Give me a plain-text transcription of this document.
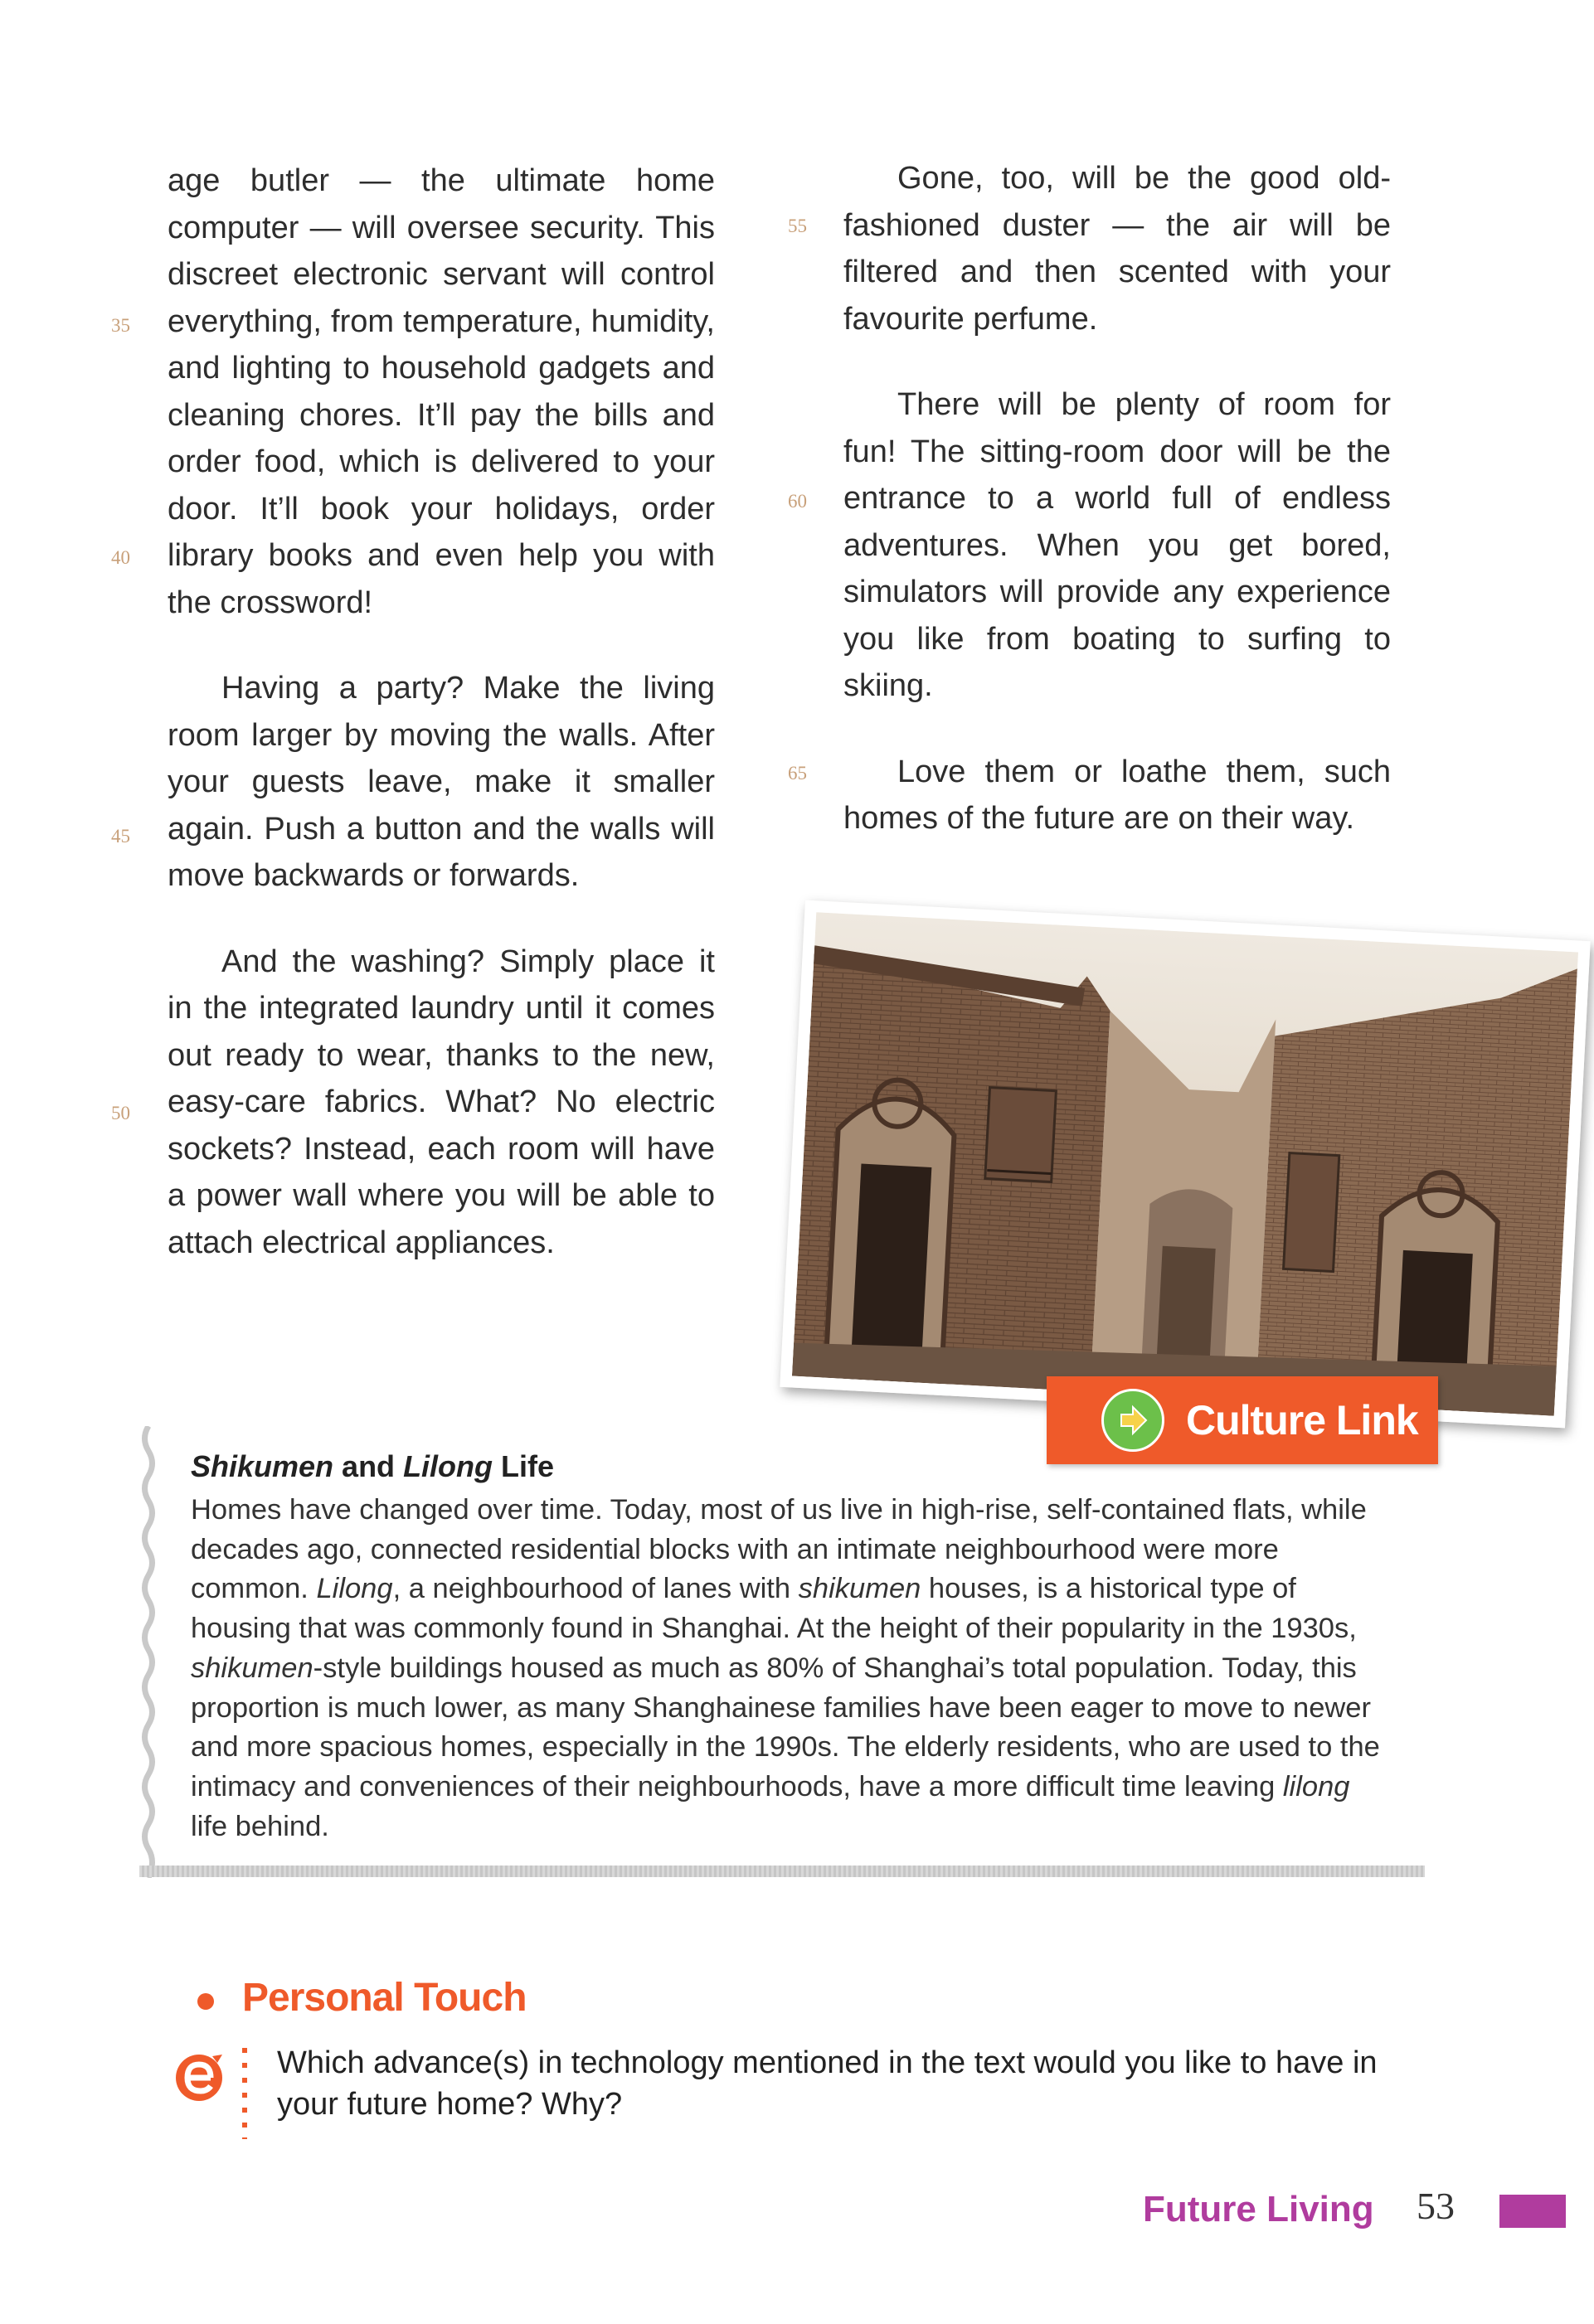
age butler — the ultimate home computer — will oversee security. This discreet electronic servant will control everything, from temperature, humidity, and lighting to household gadgets and cleaning chores. It’ll pay the bills and order food, which is delivered to your door. It’ll book your holidays, order library books and even help you with the crossword!

Having a party? Make the living room larger by moving the walls. After your guests leave, make it smaller again. Push a button and the walls will move backwards or forwards.

And the washing? Simply place it in the integrated laundry until it comes out ready to wear, thanks to the new, easy-care fabrics. What? No electric sockets? Instead, each room will have a power wall where you will be able to attach electrical appliances.

Gone, too, will be the good old-fashioned duster — the air will be filtered and then scented with your favourite perfume.

There will be plenty of room for fun! The sitting-room door will be the entrance to a world full of endless adventures. When you get bored, simulators will provide any experience you like from boating to surfing to skiing.

Love them or loathe them, such homes of the future are on their way.

35
40
45
50
55
60
65
Shikumen and Lilong Life
Homes have changed over time. Today, most of us live in high-rise, self-contained flats, while decades ago, connected residential blocks with an intimate neighbourhood were more common. Lilong, a neighbourhood of lanes with shikumen houses, is a historical type of housing that was commonly found in Shanghai. At the height of their popularity in the 1930s, shikumen-style buildings housed as much as 80% of Shanghai’s total population. Today, this proportion is much lower, as many Shanghainese families have been eager to move to newer and more spacious homes, especially in the 1990s. The elderly residents, who are used to the intimacy and conveniences of their neighbourhoods, have a more difficult time leaving lilong life behind.
Culture Link
Personal Touch
Which advance(s) in technology mentioned in the text would you like to have in your future home? Why?
Future Living 53
